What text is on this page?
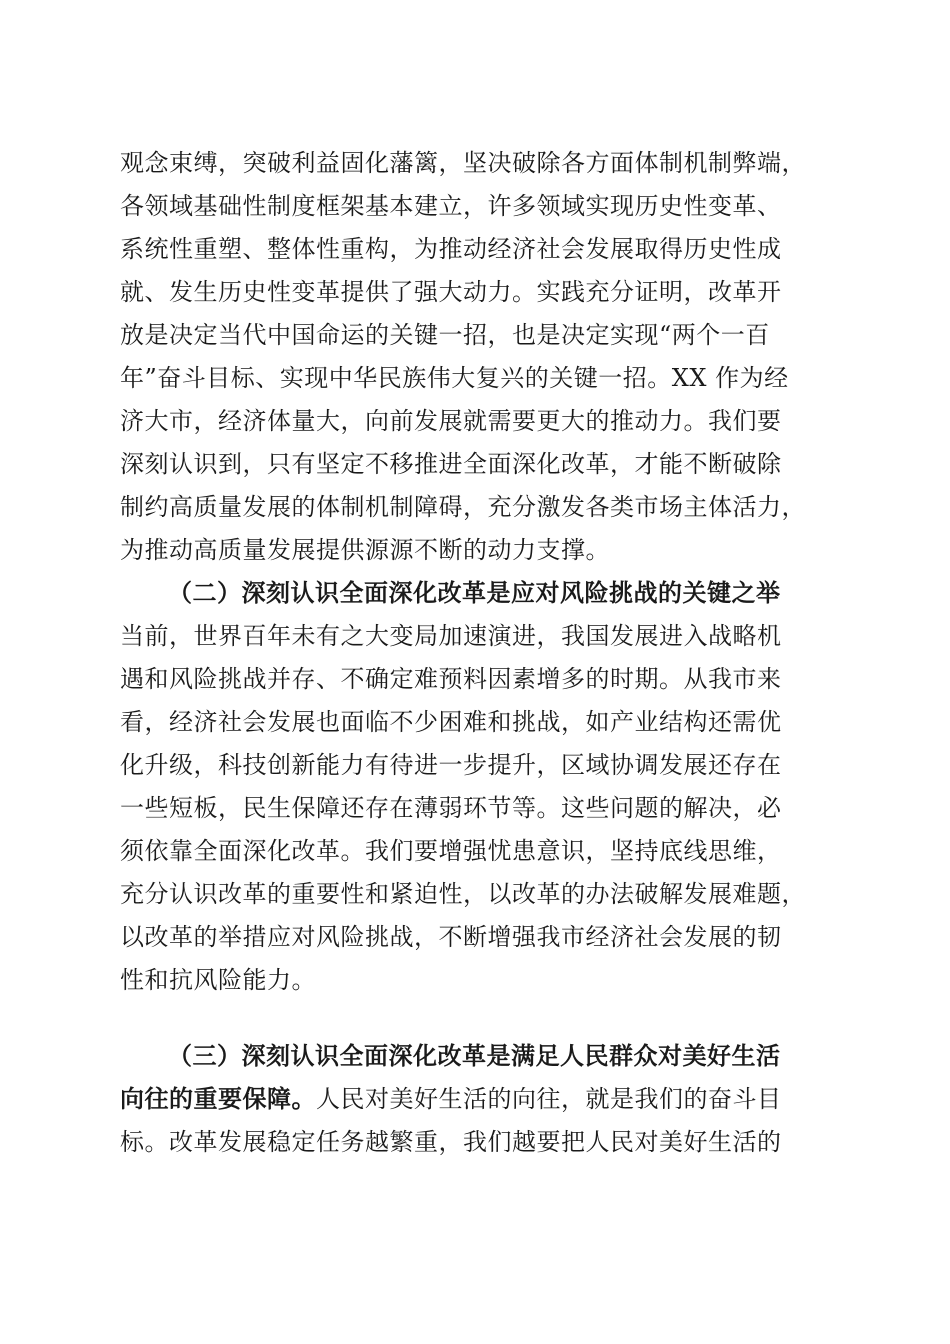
观念束缚，突破利益固化藩篱，坚决破除各方面体制机制弊端，
各领域基础性制度框架基本建立，许多领域实现历史性变革、
系统性重塑、整体性重构，为推动经济社会发展取得历史性成
就、发生历史性变革提供了强大动力。实践充分证明，改革开
放是决定当代中国命运的关键一招，也是决定实现“两个一百
年”奋斗目标、实现中华民族伟大复兴的关键一招。XX 作为经
济大市，经济体量大，向前发展就需要更大的推动力。我们要
深刻认识到，只有坚定不移推进全面深化改革，才能不断破除
制约高质量发展的体制机制障碍，充分激发各类市场主体活力，
为推动高质量发展提供源源不断的动力支撑。
（二）深刻认识全面深化改革是应对风险挑战的关键之举
当前，世界百年未有之大变局加速演进，我国发展进入战略机
遇和风险挑战并存、不确定难预料因素增多的时期。从我市来
看，经济社会发展也面临不少困难和挑战，如产业结构还需优
化升级，科技创新能力有待进一步提升，区域协调发展还存在
一些短板，民生保障还存在薄弱环节等。这些问题的解决，必
须依靠全面深化改革。我们要增强忧患意识，坚持底线思维，
充分认识改革的重要性和紧迫性，以改革的办法破解发展难题，
以改革的举措应对风险挑战，不断增强我市经济社会发展的韧
性和抗风险能力。
（三）深刻认识全面深化改革是满足人民群众对美好生活
向往的重要保障。人民对美好生活的向往，就是我们的奋斗目
标。改革发展稳定任务越繁重，我们越要把人民对美好生活的
